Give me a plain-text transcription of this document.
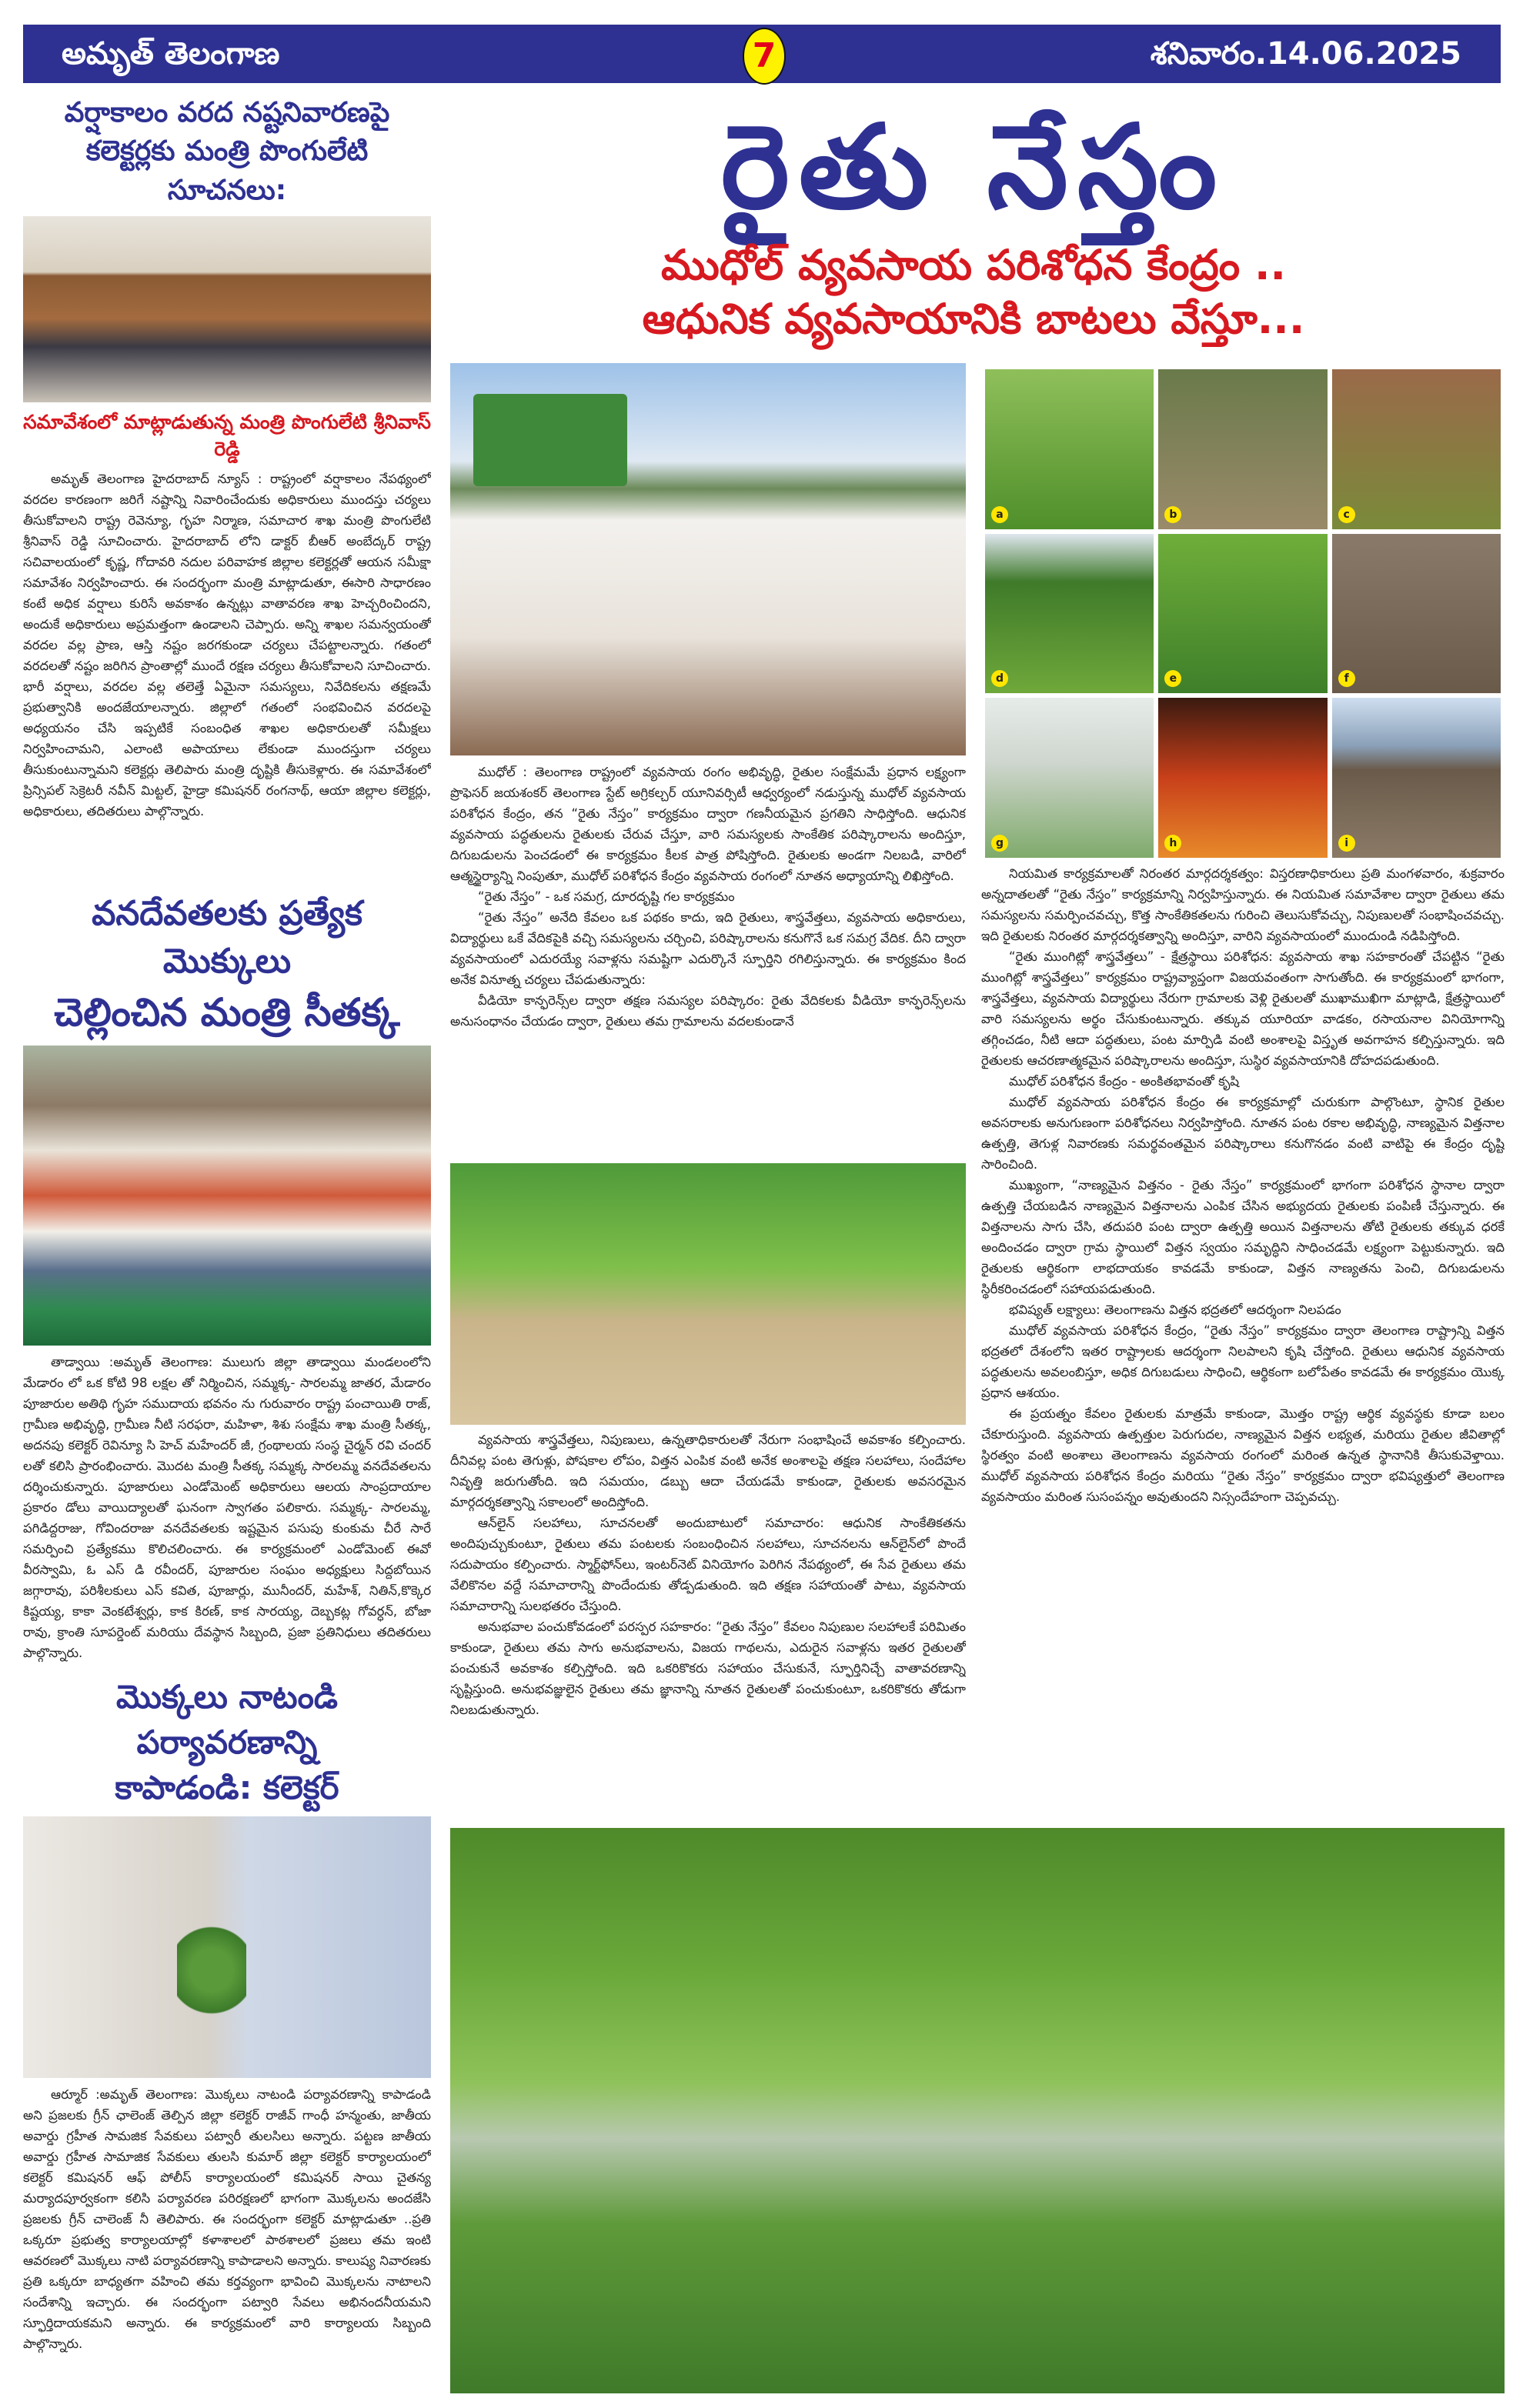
అమృత్ తెలంగాణ	7	శనివారం.14.06.2025
వర్షాకాలం వరద నష్టనివారణపై
కలెక్టర్లకు మంత్రి పొంగులేటి సూచనలు:
సమావేశంలో మాట్లాడుతున్న మంత్రి పొంగులేటి శ్రీనివాస్ రెడ్డి

అమృత్ తెలంగాణ హైదరాబాద్ న్యూస్ : రాష్ట్రంలో వర్షాకాలం నేపథ్యంలో వరదల కారణంగా జరిగే నష్టాన్ని నివారించేందుకు అధికారులు ముందస్తు చర్యలు తీసుకోవాలని రాష్ట్ర రెవెన్యూ, గృహ నిర్మాణ, సమాచార శాఖ మంత్రి పొంగులేటి శ్రీనివాస్ రెడ్డి సూచించారు. హైదరాబాద్ లోని డాక్టర్ బీఆర్ అంబేద్కర్ రాష్ట్ర సచివాలయంలో కృష్ణ, గోదావరి నదుల పరివాహక జిల్లాల కలెక్టర్లతో ఆయన సమీక్షా సమావేశం నిర్వహించారు. ఈ సందర్భంగా మంత్రి మాట్లాడుతూ, ఈసారి సాధారణం కంటే అధిక వర్షాలు కురిసే అవకాశం ఉన్నట్లు వాతావరణ శాఖ హెచ్చరించిందని, అందుకే అధికారులు అప్రమత్తంగా ఉండాలని చెప్పారు. అన్ని శాఖల సమన్వయంతో వరదల వల్ల ప్రాణ, ఆస్తి నష్టం జరగకుండా చర్యలు చేపట్టాలన్నారు. గతంలో వరదలతో నష్టం జరిగిన ప్రాంతాల్లో ముందే రక్షణ చర్యలు తీసుకోవాలని సూచించారు. భారీ వర్షాలు, వరదల వల్ల తలెత్తే ఏమైనా సమస్యలు, నివేదికలను తక్షణమే ప్రభుత్వానికి అందజేయాలన్నారు. జిల్లాలో గతంలో సంభవించిన వరదలపై అధ్యయనం చేసి ఇప్పటికే సంబంధిత శాఖల అధికారులతో సమీక్షలు నిర్వహించామని, ఎలాంటి అపాయాలు లేకుండా ముందస్తుగా చర్యలు తీసుకుంటున్నామని కలెక్టర్లు తెలిపారు మంత్రి దృష్టికి తీసుకెళ్లారు. ఈ సమావేశంలో ప్రిన్సిపల్ సెక్రెటరీ నవీన్ మిట్టల్, హైడ్రా కమిషనర్ రంగనాథ్, ఆయా జిల్లాల కలెక్టర్లు, అధికారులు, తదితరులు పాల్గొన్నారు.

వనదేవతలకు ప్రత్యేక మొక్కులు
చెల్లించిన మంత్రి సీతక్క

తాడ్వాయి :అమృత్ తెలంగాణ: ములుగు జిల్లా తాడ్వాయి మండలంలోని మేడారం లో ఒక కోటి 98 లక్షల తో నిర్మించిన, సమ్మక్క- సారలమ్మ జాతర, మేడారం పూజారుల అతిథి గృహ సముదాయ భవనం ను గురువారం రాష్ట్ర పంచాయితి రాజ్, గ్రామీణ అభివృద్ధి, గ్రామీణ నీటి సరఫరా, మహిళా, శిశు సంక్షేమ శాఖ మంత్రి సీతక్క, అదనపు కలెక్టర్ రెవిన్యూ సి హెచ్ మహేందర్ జీ, గ్రంథాలయ సంస్థ చైర్మన్ రవి చందర్ లతో కలిసి ప్రారంభించారు. మొదట మంత్రి సీతక్క సమ్మక్క సారలమ్మ వనదేవతలను దర్శించుకున్నారు. పూజారులు ఎండోమెంట్ అధికారులు ఆలయ సాంప్రదాయాల ప్రకారం డోలు వాయిద్యాలతో ఘనంగా స్వాగతం పలికారు. సమ్మక్క- సారలమ్మ, పగిడిద్దరాజు, గోవిందరాజు వనదేవతలకు ఇష్టమైన పసుపు కుంకుమ చీరే సారే సమర్పించి ప్రత్యేకము కొలిచలించారు. ఈ కార్యక్రమంలో ఎండోమెంట్ ఈవో వీరస్వామి, ఓ ఎస్ డి రవీందర్, పూజారుల సంఘం అధ్యక్షులు సిద్దబోయిన జగ్గారావు, పరిశీలకులు ఎస్ కవిత, పూజార్లు, మునీందర్, మహేశ్, నితిన్,కొక్కెర కిష్టయ్య, కాకా వెంకటేశ్వర్లు, కాక కిరణ్, కాక సారయ్య, దెబ్బకట్ల గోవర్ధన్, బోజా రావు, క్రాంతి సూపర్డెంట్ మరియు దేవస్థాన సిబ్బంది, ప్రజా ప్రతినిధులు తదితరులు పాల్గొన్నారు.

మొక్కలు నాటండి పర్యావరణాన్ని
కాపాడండి: కలెక్టర్

ఆర్మూర్ :అమృత్ తెలంగాణ: మొక్కలు నాటండి పర్యావరణాన్ని కాపాడండి అని ప్రజలకు గ్రీన్ ఛాలెంజ్ తెల్పిన జిల్లా కలెక్టర్ రాజీవ్ గాంధీ హన్మంతు, జాతీయ అవార్డు గ్రహీత సామజిక సేవకులు పట్వారీ తులసిలు అన్నారు. పట్టణ జాతీయ అవార్డు గ్రహీత సామాజిక సేవకులు తులసి కుమార్ జిల్లా కలెక్టర్ కార్యాలయంలో కలెక్టర్ కమిషనర్ ఆఫ్ పోలీస్ కార్యాలయంలో కమిషనర్ సాయి చైతన్య మర్యాదపూర్వకంగా కలిసి పర్యావరణ పరిరక్షణలో భాగంగా మొక్కలను అందజేసి ప్రజలకు గ్రీన్ చాలెంజ్ నీ తెలిపారు. ఈ సందర్భంగా కలెక్టర్ మాట్లాడుతూ ..ప్రతి ఒక్కరూ ప్రభుత్వ కార్యాలయాల్లో కళాశాలలో పాఠశాలలో ప్రజలు తమ ఇంటి ఆవరణలో మొక్కలు నాటి పర్యావరణాన్ని కాపాడాలని అన్నారు. కాలుష్య నివారణకు ప్రతి ఒక్కరూ బాధ్యతగా వహించి తమ కర్తవ్యంగా భావించి మొక్కలను నాటాలని సందేశాన్ని ఇచ్చారు. ఈ సందర్భంగా పట్వారి సేవలు అభినందనీయమని స్ఫూర్తిదాయకమని అన్నారు. ఈ కార్యక్రమంలో వారి కార్యాలయ సిబ్బంది పాల్గొన్నారు.

రైతు నేస్తం
ముధోల్ వ్యవసాయ పరిశోధన కేంద్రం ..
ఆధునిక వ్యవసాయానికి బాటలు వేస్తూ...

ముధోల్ : తెలంగాణ రాష్ట్రంలో వ్యవసాయ రంగం అభివృద్ధి, రైతుల సంక్షేమమే ప్రధాన లక్ష్యంగా ప్రొఫెసర్ జయశంకర్ తెలంగాణ స్టేట్ అగ్రికల్చర్ యూనివర్సిటీ ఆధ్వర్యంలో నడుస్తున్న ముధోల్ వ్యవసాయ పరిశోధన కేంద్రం, తన “రైతు నేస్తం” కార్యక్రమం ద్వారా గణనీయమైన ప్రగతిని సాధిస్తోంది. ఆధునిక వ్యవసాయ పద్ధతులను రైతులకు చేరువ చేస్తూ, వారి సమస్యలకు సాంకేతిక పరిష్కారాలను అందిస్తూ, దిగుబడులను పెంచడంలో ఈ కార్యక్రమం కీలక పాత్ర పోషిస్తోంది. రైతులకు అండగా నిలబడి, వారిలో ఆత్మస్థైర్యాన్ని నింపుతూ, ముధోల్ పరిశోధన కేంద్రం వ్యవసాయ రంగంలో నూతన అధ్యాయాన్ని లిఖిస్తోంది.

“రైతు నేస్తం” - ఒక సమగ్ర, దూరదృష్టి గల కార్యక్రమం

“రైతు నేస్తం” అనేది కేవలం ఒక పథకం కాదు, ఇది రైతులు, శాస్త్రవేత్తలు, వ్యవసాయ అధికారులు, విద్యార్థులు ఒకే వేదికపైకి వచ్చి సమస్యలను చర్చించి, పరిష్కారాలను కనుగొనే ఒక సమగ్ర వేదిక. దీని ద్వారా వ్యవసాయంలో ఎదురయ్యే సవాళ్లను సమష్టిగా ఎదుర్కొనే స్ఫూర్తిని రగిలిస్తున్నారు. ఈ కార్యక్రమం కింద అనేక వినూత్న చర్యలు చేపడుతున్నారు:

వీడియో కాన్ఫరెన్స్‌ల ద్వారా తక్షణ సమస్యల పరిష్కారం: రైతు వేదికలకు వీడియో కాన్ఫరెన్స్‌లను అనుసంధానం చేయడం ద్వారా, రైతులు తమ గ్రామాలను వదలకుండానే

వ్యవసాయ శాస్త్రవేత్తలు, నిపుణులు, ఉన్నతాధికారులతో నేరుగా సంభాషించే అవకాశం కల్పించారు. దీనివల్ల పంట తెగుళ్లు, పోషకాల లోపం, విత్తన ఎంపిక వంటి అనేక అంశాలపై తక్షణ సలహాలు, సందేహాల నివృత్తి జరుగుతోంది. ఇది సమయం, డబ్బు ఆదా చేయడమే కాకుండా, రైతులకు అవసరమైన మార్గదర్శకత్వాన్ని సకాలంలో అందిస్తోంది.

ఆన్‌లైన్ సలహాలు, సూచనలతో అందుబాటులో సమాచారం: ఆధునిక సాంకేతికతను అందిపుచ్చుకుంటూ, రైతులు తమ పంటలకు సంబంధించిన సలహాలు, సూచనలను ఆన్‌లైన్‌లో పొందే సదుపాయం కల్పించారు. స్మార్ట్‌ఫోన్‌లు, ఇంటర్‌నెట్ వినియోగం పెరిగిన నేపథ్యంలో, ఈ సేవ రైతులు తమ వేలికొనల వద్దే సమాచారాన్ని పొందేందుకు తోడ్పడుతుంది. ఇది తక్షణ సహాయంతో పాటు, వ్యవసాయ సమాచారాన్ని సులభతరం చేస్తుంది.

అనుభవాల పంచుకోవడంలో పరస్పర సహకారం: “రైతు నేస్తం” కేవలం నిపుణుల సలహాలకే పరిమితం కాకుండా, రైతులు తమ సాగు అనుభవాలను, విజయ గాథలను, ఎదురైన సవాళ్లను ఇతర రైతులతో పంచుకునే అవకాశం కల్పిస్తోంది. ఇది ఒకరికొకరు సహాయం చేసుకునే, స్ఫూర్తినిచ్చే వాతావరణాన్ని సృష్టిస్తుంది. అనుభవజ్ఞులైన రైతులు తమ జ్ఞానాన్ని నూతన రైతులతో పంచుకుంటూ, ఒకరికొకరు తోడుగా నిలబడుతున్నారు.

a	b	c
d	e	f
g	h	i

నియమిత కార్యక్రమాలతో నిరంతర మార్గదర్శకత్వం: విస్తరణాధికారులు ప్రతి మంగళవారం, శుక్రవారం అన్నదాతలతో “రైతు నేస్తం” కార్యక్రమాన్ని నిర్వహిస్తున్నారు. ఈ నియమిత సమావేశాల ద్వారా రైతులు తమ సమస్యలను సమర్పించవచ్చు, కొత్త సాంకేతికతలను గురించి తెలుసుకోవచ్చు, నిపుణులతో సంభాషించవచ్చు. ఇది రైతులకు నిరంతర మార్గదర్శకత్వాన్ని అందిస్తూ, వారిని వ్యవసాయంలో ముందుండి నడిపిస్తోంది.

“రైతు ముంగిట్లో శాస్త్రవేత్తలు” - క్షేత్రస్థాయి పరిశోధన: వ్యవసాయ శాఖ సహకారంతో చేపట్టిన “రైతు ముంగిట్లో శాస్త్రవేత్తలు” కార్యక్రమం రాష్ట్రవ్యాప్తంగా విజయవంతంగా సాగుతోంది. ఈ కార్యక్రమంలో భాగంగా, శాస్త్రవేత్తలు, వ్యవసాయ విద్యార్థులు నేరుగా గ్రామాలకు వెళ్లి రైతులతో ముఖాముఖిగా మాట్లాడి, క్షేత్రస్థాయిలో వారి సమస్యలను అర్థం చేసుకుంటున్నారు. తక్కువ యూరియా వాడకం, రసాయనాల వినియోగాన్ని తగ్గించడం, నీటి ఆదా పద్ధతులు, పంట మార్పిడి వంటి అంశాలపై విస్తృత అవగాహన కల్పిస్తున్నారు. ఇది రైతులకు ఆచరణాత్మకమైన పరిష్కారాలను అందిస్తూ, సుస్థిర వ్యవసాయానికి దోహదపడుతుంది.

ముధోల్ పరిశోధన కేంద్రం - అంకితభావంతో కృషి

ముధోల్ వ్యవసాయ పరిశోధన కేంద్రం ఈ కార్యక్రమాల్లో చురుకుగా పాల్గొంటూ, స్థానిక రైతుల అవసరాలకు అనుగుణంగా పరిశోధనలు నిర్వహిస్తోంది. నూతన పంట రకాల అభివృద్ధి, నాణ్యమైన విత్తనాల ఉత్పత్తి, తెగుళ్ల నివారణకు సమర్థవంతమైన పరిష్కారాలు కనుగొనడం వంటి వాటిపై ఈ కేంద్రం దృష్టి సారించింది.

ముఖ్యంగా, “నాణ్యమైన విత్తనం - రైతు నేస్తం” కార్యక్రమంలో భాగంగా పరిశోధన స్థానాల ద్వారా ఉత్పత్తి చేయబడిన నాణ్యమైన విత్తనాలను ఎంపిక చేసిన అభ్యుదయ రైతులకు పంపిణీ చేస్తున్నారు. ఈ విత్తనాలను సాగు చేసి, తదుపరి పంట ద్వారా ఉత్పత్తి అయిన విత్తనాలను తోటి రైతులకు తక్కువ ధరకే అందించడం ద్వారా గ్రామ స్థాయిలో విత్తన స్వయం సమృద్ధిని సాధించడమే లక్ష్యంగా పెట్టుకున్నారు. ఇది రైతులకు ఆర్థికంగా లాభదాయకం కావడమే కాకుండా, విత్తన నాణ్యతను పెంచి, దిగుబడులను స్థిరీకరించడంలో సహాయపడుతుంది.

భవిష్యత్ లక్ష్యాలు: తెలంగాణను విత్తన భద్రతలో ఆదర్శంగా నిలపడం

ముధోల్ వ్యవసాయ పరిశోధన కేంద్రం, “రైతు నేస్తం” కార్యక్రమం ద్వారా తెలంగాణ రాష్ట్రాన్ని విత్తన భద్రతలో దేశంలోని ఇతర రాష్ట్రాలకు ఆదర్శంగా నిలపాలని కృషి చేస్తోంది. రైతులు ఆధునిక వ్యవసాయ పద్ధతులను అవలంబిస్తూ, అధిక దిగుబడులు సాధించి, ఆర్థికంగా బలోపేతం కావడమే ఈ కార్యక్రమం యొక్క ప్రధాన ఆశయం.

ఈ ప్రయత్నం కేవలం రైతులకు మాత్రమే కాకుండా, మొత్తం రాష్ట్ర ఆర్థిక వ్యవస్థకు కూడా బలం చేకూరుస్తుంది. వ్యవసాయ ఉత్పత్తుల పెరుగుదల, నాణ్యమైన విత్తన లభ్యత, మరియు రైతుల జీవితాల్లో స్థిరత్వం వంటి అంశాలు తెలంగాణను వ్యవసాయ రంగంలో మరింత ఉన్నత స్థానానికి తీసుకువెళ్తాయి. ముధోల్ వ్యవసాయ పరిశోధన కేంద్రం మరియు “రైతు నేస్తం” కార్యక్రమం ద్వారా భవిష్యత్తులో తెలంగాణ వ్యవసాయం మరింత సుసంపన్నం అవుతుందని నిస్సందేహంగా చెప్పవచ్చు.
